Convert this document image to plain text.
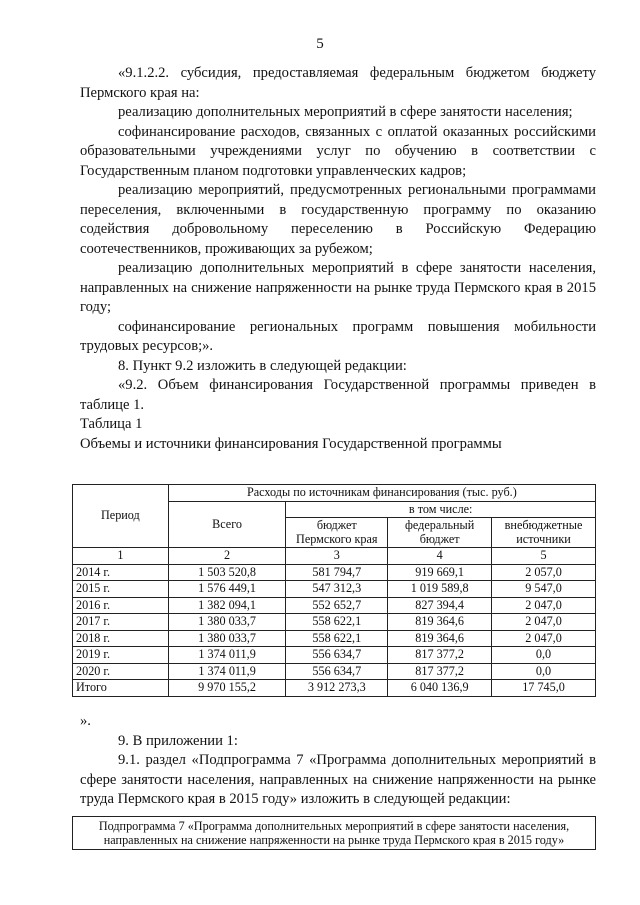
5

«9.1.2.2. субсидия, предоставляемая федеральным бюджетом бюджету Пермского края на:

реализацию дополнительных мероприятий в сфере занятости населения;

софинансирование расходов, связанных с оплатой оказанных российскими образовательными учреждениями услуг по обучению в соответствии с Государственным планом подготовки управленческих кадров;

реализацию мероприятий, предусмотренных региональными программами переселения, включенными в государственную программу по оказанию содействия добровольному переселению в Российскую Федерацию соотечественников, проживающих за рубежом;

реализацию дополнительных мероприятий в сфере занятости населения, направленных на снижение напряженности на рынке труда Пермского края в 2015 году;

софинансирование региональных программ повышения мобильности трудовых ресурсов;».

8. Пункт 9.2 изложить в следующей редакции:

«9.2. Объем финансирования Государственной программы приведен в таблице 1.

Таблица 1

Объемы и источники финансирования Государственной программы

Период	Расходы по источникам финансирования (тыс. руб.)			
	Всего	в том числе:		
		бюджет Пермского края	федеральный бюджет	внебюджетные источники
1	2	3	4	5
2014 г.	1 503 520,8	581 794,7	919 669,1	2 057,0
2015 г.	1 576 449,1	547 312,3	1 019 589,8	9 547,0
2016 г.	1 382 094,1	552 652,7	827 394,4	2 047,0
2017 г.	1 380 033,7	558 622,1	819 364,6	2 047,0
2018 г.	1 380 033,7	558 622,1	819 364,6	2 047,0
2019 г.	1 374 011,9	556 634,7	817 377,2	0,0
2020 г.	1 374 011,9	556 634,7	817 377,2	0,0
Итого	9 970 155,2	3 912 273,3	6 040 136,9	17 745,0

».

9. В приложении 1:

9.1. раздел «Подпрограмма 7 «Программа дополнительных мероприятий в сфере занятости населения, направленных на снижение напряженности на рынке труда Пермского края в 2015 году» изложить в следующей редакции:

Подпрограмма 7 «Программа дополнительных мероприятий в сфере занятости населения, направленных на снижение напряженности на рынке труда Пермского края в 2015 году»
